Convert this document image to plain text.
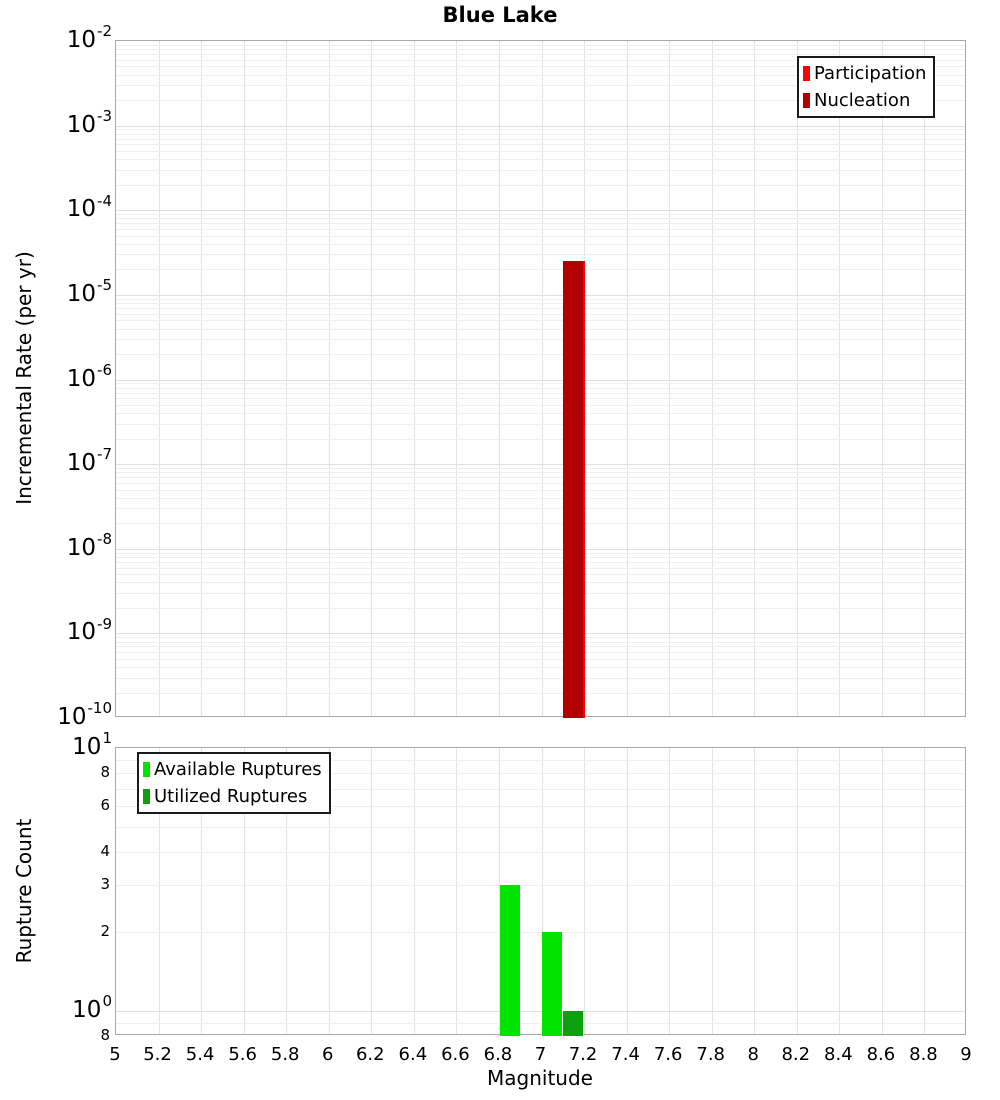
Blue Lake
Incremental Rate (per yr)
Rupture Count
Magnitude
Participation
Nucleation
Available Ruptures
Utilized Ruptures
5 5.2 5.4 5.6 5.8 6 6.2 6.4 6.6 6.8 7 7.2 7.4 7.6 7.8 8 8.2 8.4 8.6 8.8 9
$10^{-2}$
$10^{-3}$
$10^{-4}$
$10^{-5}$
$10^{-6}$
$10^{-7}$
$10^{-8}$
$10^{-9}$
$10^{-10}$
$10^1$
$10^0$
8
6
4
3
2
8
